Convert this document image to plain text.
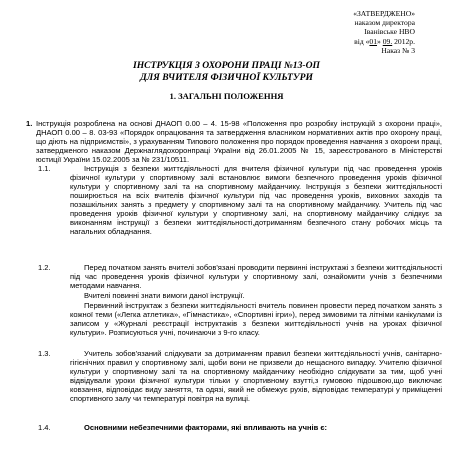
«ЗАТВЕРДЖЕНО»
наказом директора
Іванівське НВО
від «01» 09. 2012р.
Наказ № 3
ІНСТРУКЦІЯ З ОХОРОНИ ПРАЦІ №13-ОП
ДЛЯ ВЧИТЕЛЯ ФІЗИЧНОЇ КУЛЬТУРИ
1. ЗАГАЛЬНІ ПОЛОЖЕННЯ
1. Інструкція розроблена на основі ДНАОП 0.00 – 4. 15-98 «Положення про розробку інструкцій з охорони праці», ДНАОП 0.00 – 8. 03-93 «Порядок опрацювання та затвердження власником нормативних актів про охорону праці, що діють на підприємстві», з урахуванням Типового положення про порядок проведення навчання з охорони праці, затвердженого наказом Держнаглядохоронпраці України від 26.01.2005 № 15, зареєстрованого в Міністерстві юстиції України 15.02.2005 за № 231/10511.
1.1.	Інструкція з безпеки життєдіяльності для вчителя фізичної культури під час проведення уроків фізичної культури у спортивному залі встановлює вимоги безпечного проведення уроків фізичної культури у спортивному залі та на спортивному майданчику. Інструкція з безпеки життєдіяльності поширюється на всіх вчителів фізичної культури під час проведення уроків, виховних заходів та позашкільних занять з предмету у спортивному залі та на спортивному майданчику. Учитель під час проведення уроків фізичної культури у спортивному залі, на спортивному майданчику слідкує за виконанням інструкції з безпеки життєдіяльності,дотриманням безпечного стану робочих місць та нагальних обладнання.
1.2.	Перед початком занять вчителі зобов'язані проводити первинні інструктажі з безпеки життєдіяльності під час проведення уроків фізичної культури у спортивному залі, ознайомити учнів з безпечними методами навчання.
Вчителі повинні знати вимоги даної інструкції.
Первинний інструктаж з безпеки життєдіяльності вчитель повинен провести перед початком занять з кожної теми («Легка атлетика», «Гімнастика», «Спортивні ігри»), перед зимовими та літніми канікулами із записом у «Журналі реєстрації інструктажів з безпеки життєдіяльності учнів на уроках фізичної культури». Розписуються учні, починаючи з 9-го класу.
1.3.	Учитель зобов'язаний слідкувати за дотриманням правил безпеки життєдіяльності учнів, санітарно-гігієнічних правил у спортивному залі, щоби вони не призвели до нещасного випадку. Учителю фізичної культури у спортивному залі та на спортивному майданчику необхідно слідкувати за тим, щоб учні відвідували уроки фізичної культури тільки у спортивному взутті,з гумовою підошвою,що виключає ковзання, відповідає виду заняття, та одязі, який не обмежує рухів, відповідає температурі у приміщенні спортивного залу чи температурі повітря на вулиці.
1.4.	Основними небезпечними факторами, які впливають на учнів є:
